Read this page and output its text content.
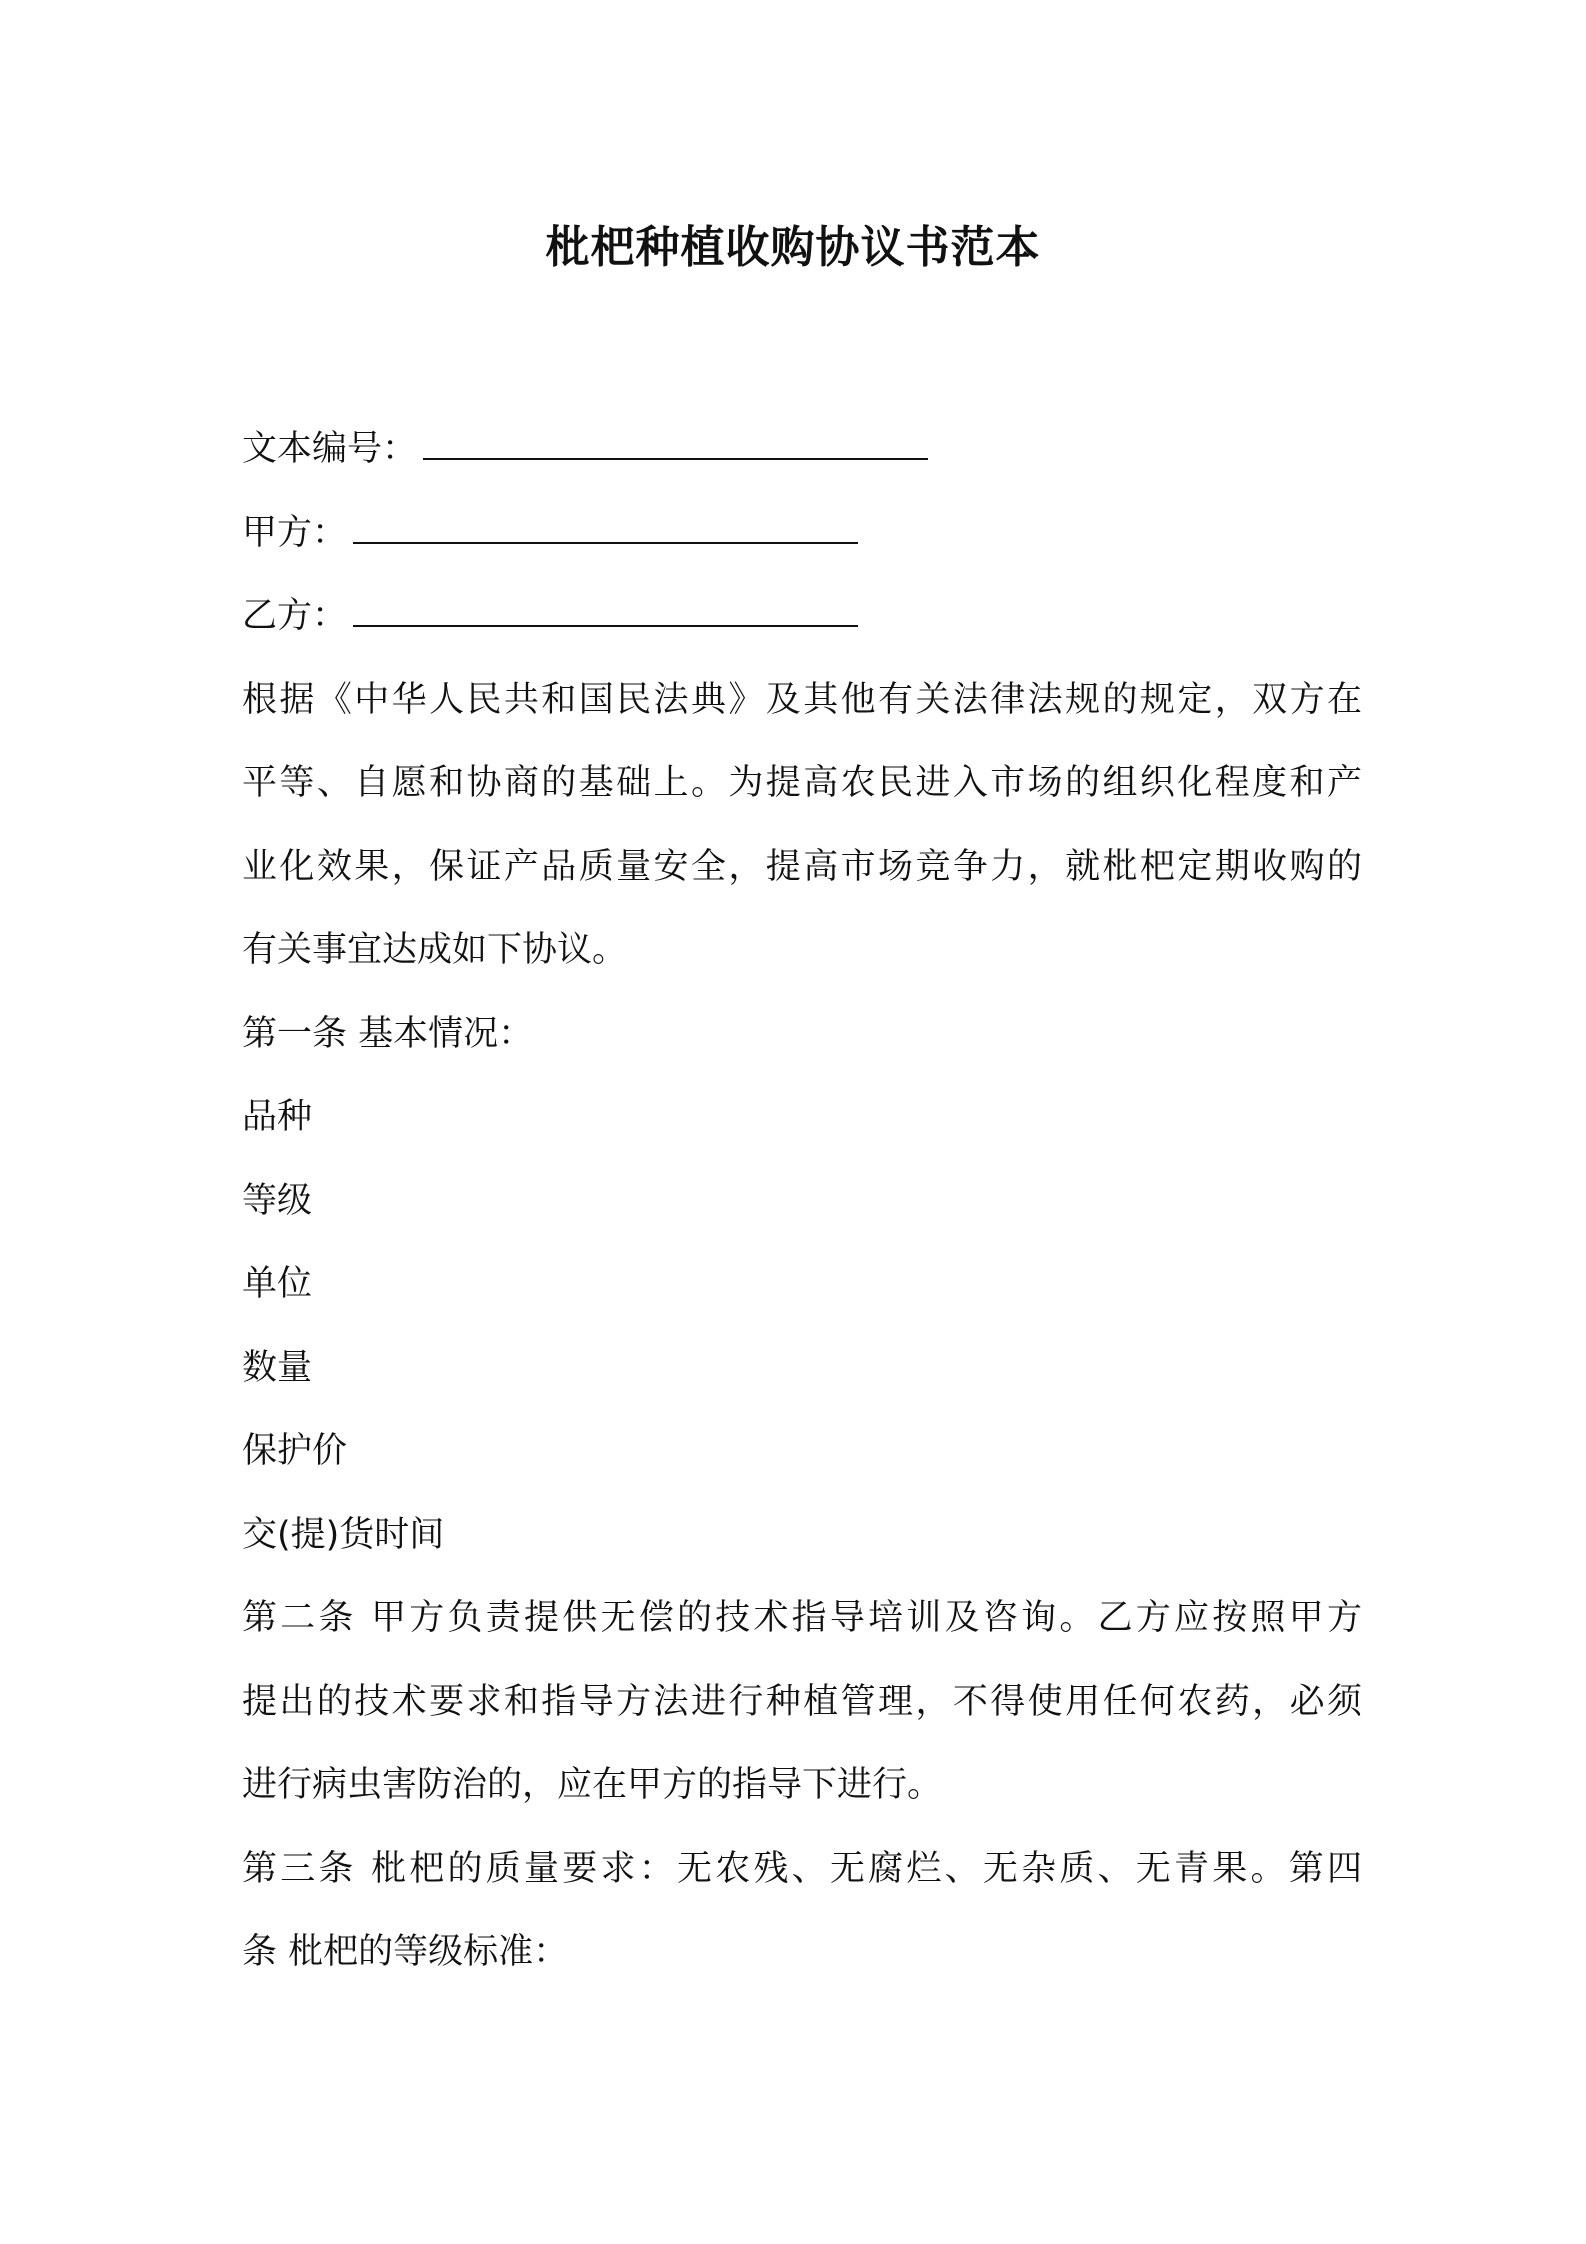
枇杷种植收购协议书范本
文本编号：
甲方：
乙方：
根据《中华人民共和国民法典》及其他有关法律法规的规定，双方在
平等、自愿和协商的基础上。为提高农民进入市场的组织化程度和产
业化效果，保证产品质量安全，提高市场竞争力，就枇杷定期收购的
有关事宜达成如下协议。
第一条 基本情况：
品种
等级
单位
数量
保护价
交(提)货时间
第二条 甲方负责提供无偿的技术指导培训及咨询。乙方应按照甲方
提出的技术要求和指导方法进行种植管理，不得使用任何农药，必须
进行病虫害防治的，应在甲方的指导下进行。
第三条 枇杷的质量要求：无农残、无腐烂、无杂质、无青果。第四
条 枇杷的等级标准：
